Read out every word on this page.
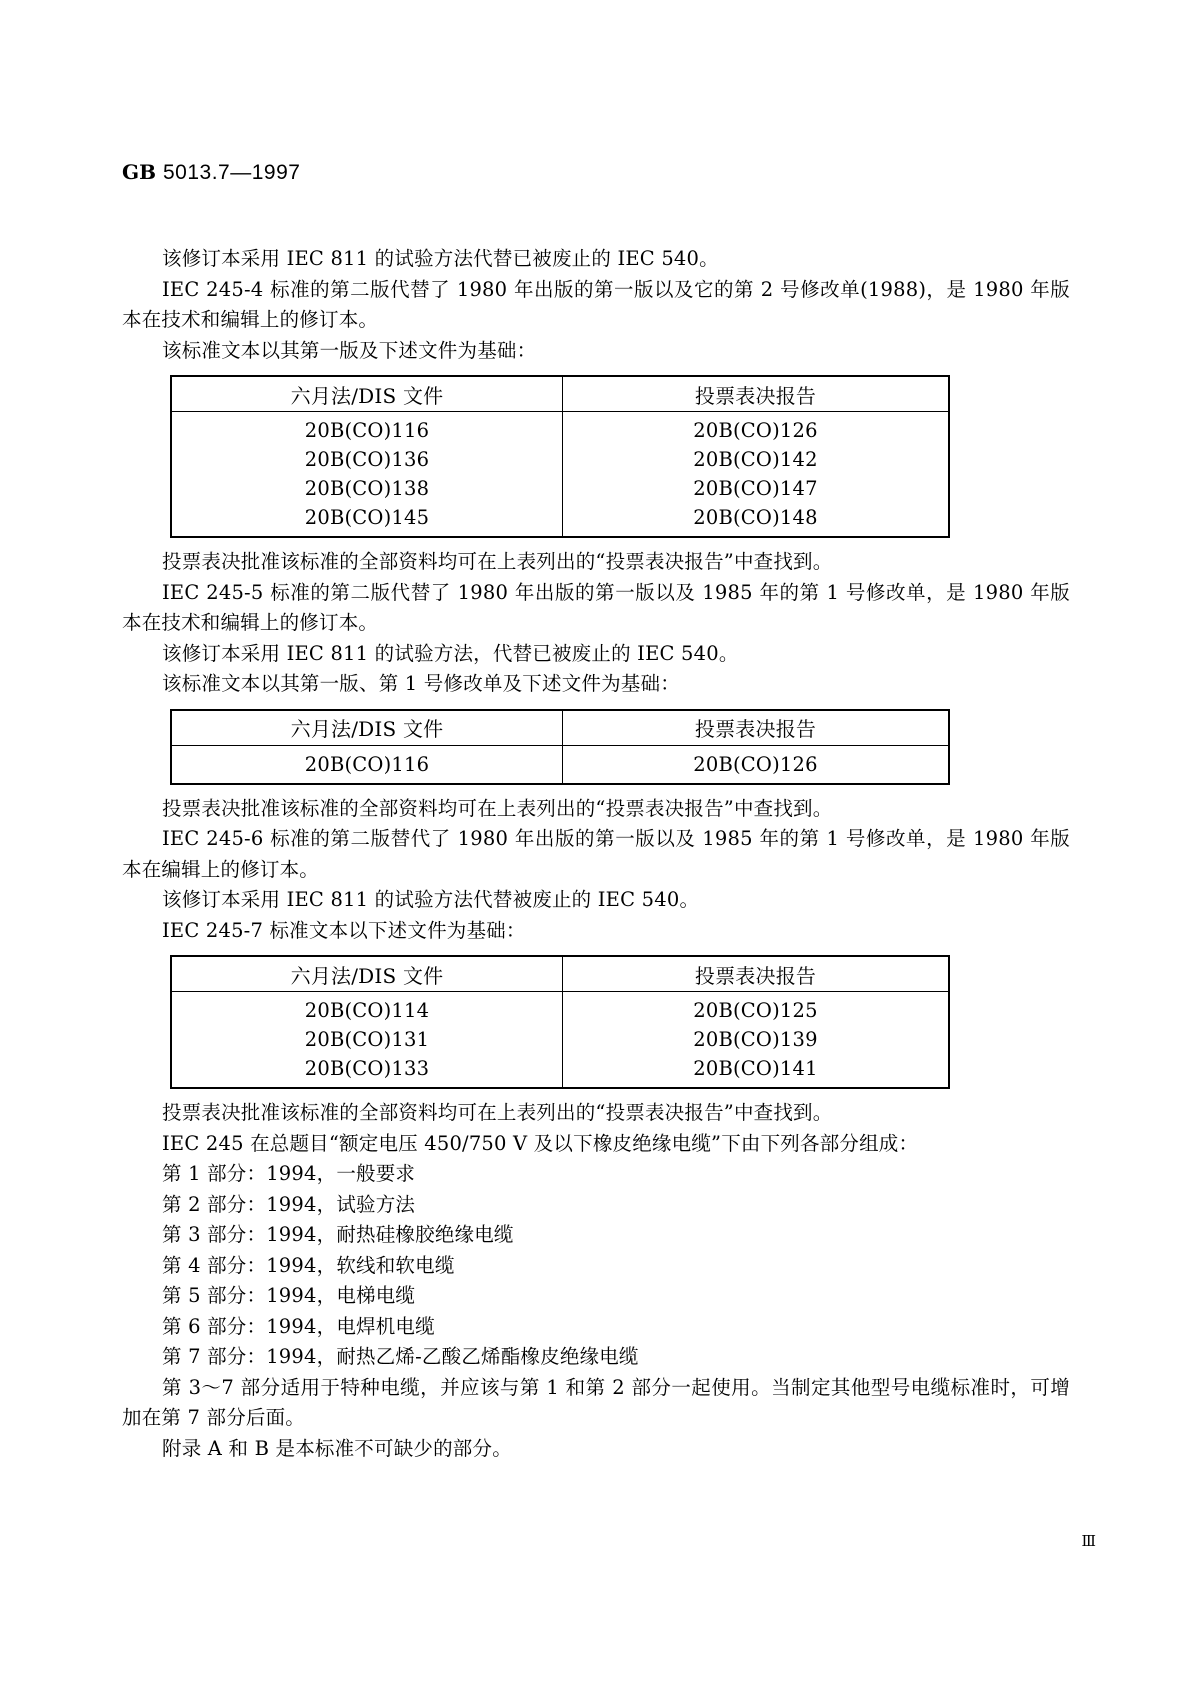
GB 5013.7—1997

该修订本采用 IEC 811 的试验方法代替已被废止的 IEC 540。

IEC 245-4 标准的第二版代替了 1980 年出版的第一版以及它的第 2 号修改单(1988)，是 1980 年版本在技术和编辑上的修订本。

该标准文本以其第一版及下述文件为基础：

六月法/DIS 文件	投票表决报告
20B(CO)116	20B(CO)126
20B(CO)136	20B(CO)142
20B(CO)138	20B(CO)147
20B(CO)145	20B(CO)148

投票表决批准该标准的全部资料均可在上表列出的“投票表决报告”中查找到。

IEC 245-5 标准的第二版代替了 1980 年出版的第一版以及 1985 年的第 1 号修改单，是 1980 年版本在技术和编辑上的修订本。

该修订本采用 IEC 811 的试验方法，代替已被废止的 IEC 540。

该标准文本以其第一版、第 1 号修改单及下述文件为基础：

六月法/DIS 文件	投票表决报告
20B(CO)116	20B(CO)126

投票表决批准该标准的全部资料均可在上表列出的“投票表决报告”中查找到。

IEC 245-6 标准的第二版替代了 1980 年出版的第一版以及 1985 年的第 1 号修改单，是 1980 年版本在编辑上的修订本。

该修订本采用 IEC 811 的试验方法代替被废止的 IEC 540。

IEC 245-7 标准文本以下述文件为基础：

六月法/DIS 文件	投票表决报告
20B(CO)114	20B(CO)125
20B(CO)131	20B(CO)139
20B(CO)133	20B(CO)141

投票表决批准该标准的全部资料均可在上表列出的“投票表决报告”中查找到。

IEC 245 在总题目“额定电压 450/750 V 及以下橡皮绝缘电缆”下由下列各部分组成：

第 1 部分：1994，一般要求

第 2 部分：1994，试验方法

第 3 部分：1994，耐热硅橡胶绝缘电缆

第 4 部分：1994，软线和软电缆

第 5 部分：1994，电梯电缆

第 6 部分：1994，电焊机电缆

第 7 部分：1994，耐热乙烯-乙酸乙烯酯橡皮绝缘电缆

第 3～7 部分适用于特种电缆，并应该与第 1 和第 2 部分一起使用。当制定其他型号电缆标准时，可增加在第 7 部分后面。

附录 A 和 B 是本标准不可缺少的部分。

Ⅲ
